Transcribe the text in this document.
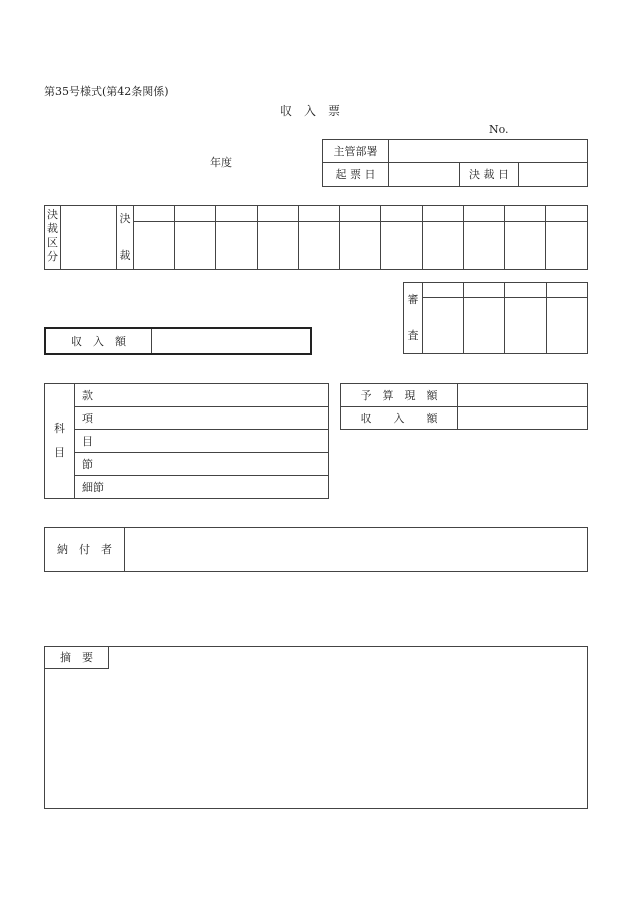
第35号様式(第42条関係)
収　入　票
No.
年度
主管部署
起 票 日	決 裁 日
決
裁
区
分
決
裁
審
査
収　入　額
科
目
款
項
目
節
細節
予　算　現　額
収　　入　　額
納　付　者
摘　要
